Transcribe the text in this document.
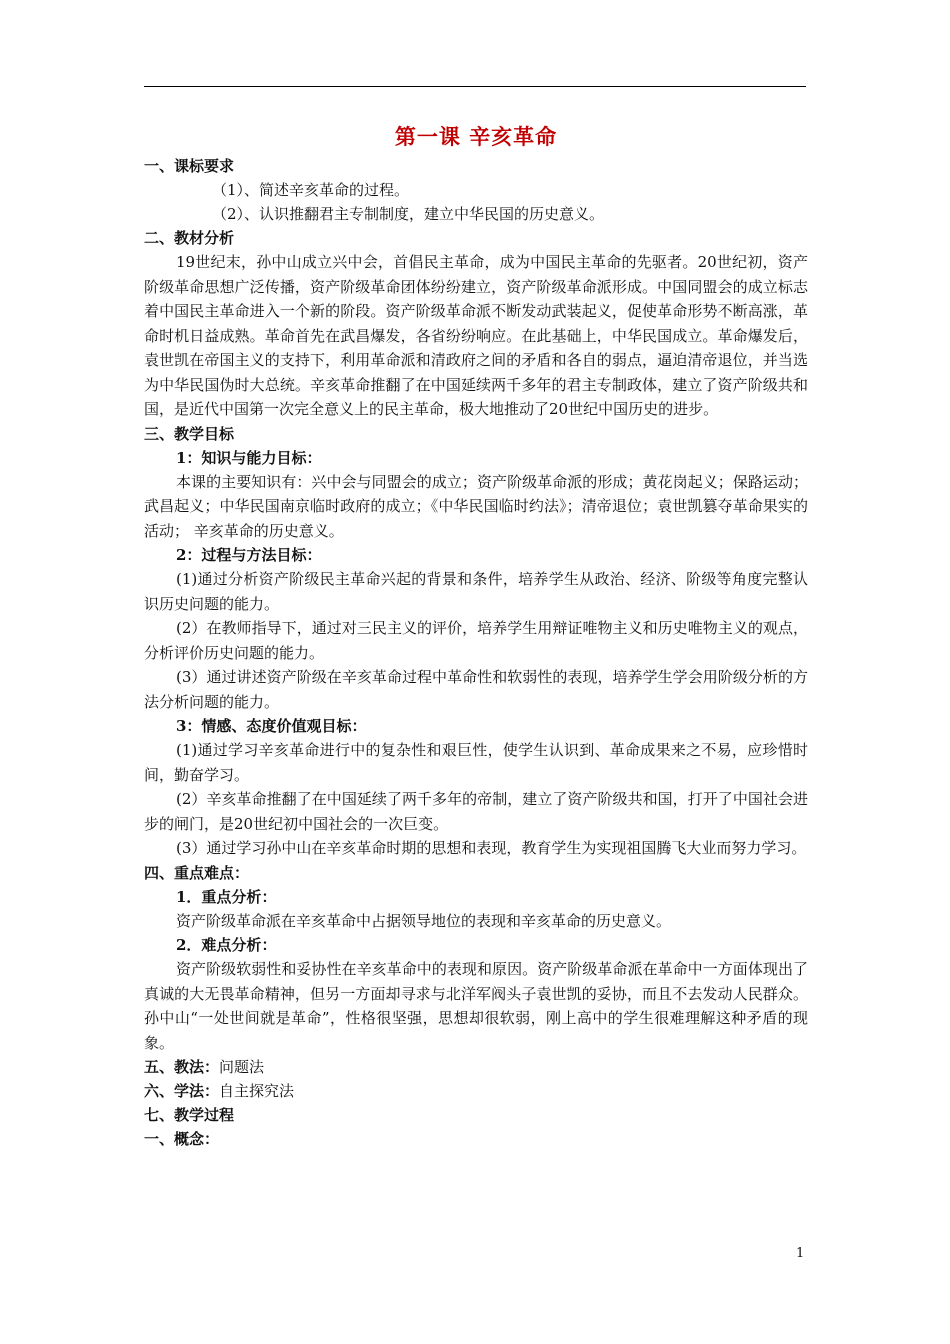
第一课 辛亥革命
一、课标要求
（1）、简述辛亥革命的过程。
（2）、认识推翻君主专制制度，建立中华民国的历史意义。
二、教材分析
19世纪末，孙中山成立兴中会，首倡民主革命，成为中国民主革命的先驱者。20世纪初，资产阶级革命思想广泛传播，资产阶级革命团体纷纷建立，资产阶级革命派形成。中国同盟会的成立标志着中国民主革命进入一个新的阶段。资产阶级革命派不断发动武装起义，促使革命形势不断高涨，革命时机日益成熟。革命首先在武昌爆发，各省纷纷响应。在此基础上，中华民国成立。革命爆发后，袁世凯在帝国主义的支持下，利用革命派和清政府之间的矛盾和各自的弱点，逼迫清帝退位，并当选为中华民国伪时大总统。辛亥革命推翻了在中国延续两千多年的君主专制政体，建立了资产阶级共和国，是近代中国第一次完全意义上的民主革命，极大地推动了20世纪中国历史的进步。
三、教学目标
1：知识与能力目标：
本课的主要知识有：兴中会与同盟会的成立；资产阶级革命派的形成；黄花岗起义；保路运动；武昌起义；中华民国南京临时政府的成立；《中华民国临时约法》；清帝退位；袁世凯篡夺革命果实的活动； 辛亥革命的历史意义。
2：过程与方法目标：
(1)通过分析资产阶级民主革命兴起的背景和条件，培养学生从政治、经济、阶级等角度完整认识历史问题的能力。
(2）在教师指导下，通过对三民主义的评价，培养学生用辩证唯物主义和历史唯物主义的观点，分析评价历史问题的能力。
(3）通过讲述资产阶级在辛亥革命过程中革命性和软弱性的表现，培养学生学会用阶级分析的方法分析问题的能力。
3：情感、态度价值观目标：
(1)通过学习辛亥革命进行中的复杂性和艰巨性，使学生认识到、革命成果来之不易，应珍惜时间，勤奋学习。
(2）辛亥革命推翻了在中国延续了两千多年的帝制，建立了资产阶级共和国，打开了中国社会进步的闸门，是20世纪初中国社会的一次巨变。
(3）通过学习孙中山在辛亥革命时期的思想和表现，教育学生为实现祖国腾飞大业而努力学习。
四、重点难点：
1．重点分析：
资产阶级革命派在辛亥革命中占据领导地位的表现和辛亥革命的历史意义。
2．难点分析：
资产阶级软弱性和妥协性在辛亥革命中的表现和原因。资产阶级革命派在革命中一方面体现出了真诚的大无畏革命精神，但另一方面却寻求与北洋军阀头子袁世凯的妥协，而且不去发动人民群众。孙中山“一处世间就是革命”，性格很坚强，思想却很软弱，刚上高中的学生很难理解这种矛盾的现象。
五、教法：问题法
六、学法：自主探究法
七、教学过程
一、概念：
1
